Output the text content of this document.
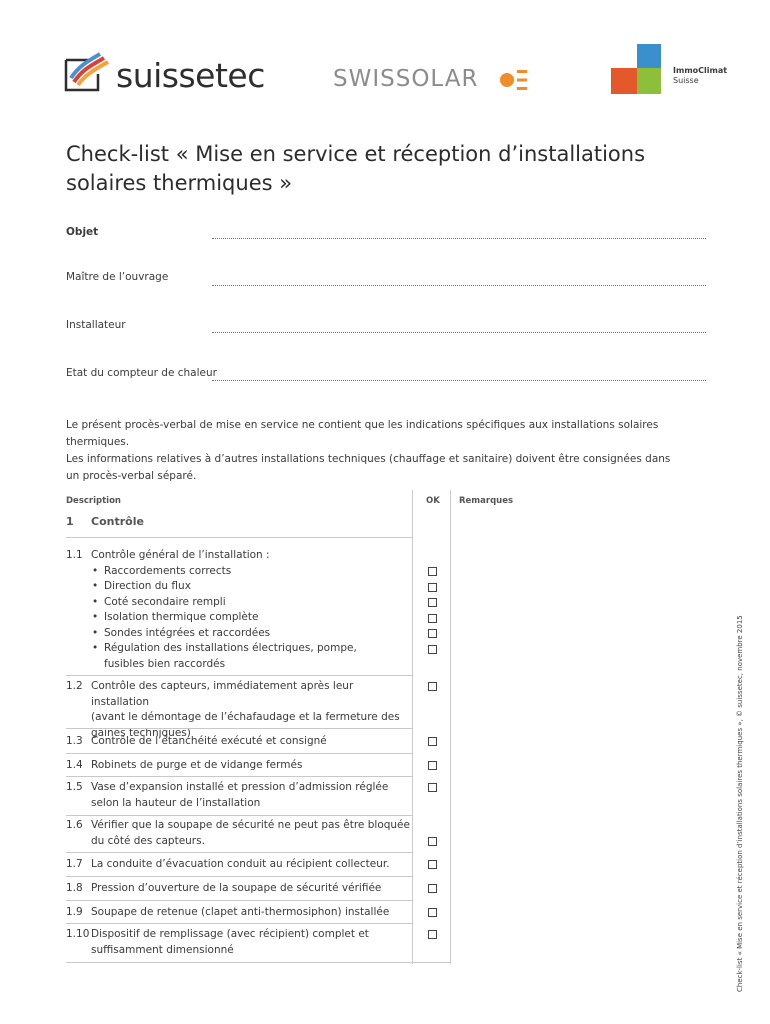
suissetec	SWISSOLAR	ImmoClimat
Suisse
Check-list « Mise en service et réception d’installations
solaires thermiques »
Objet
Maître de l’ouvrage
Installateur
Etat du compteur de chaleur

Le présent procès-verbal de mise en service ne contient que les indications spécifiques aux installations solaires thermiques.

Les informations relatives à d’autres installations techniques (chauffage et sanitaire) doivent être consignées dans

un procès-verbal séparé.

Description	OK Remarques
1 Contrôle
1.1 Contrôle général de l’installation :
• Raccordements corrects
• Direction du flux
• Coté secondaire rempli
• Isolation thermique complète
• Sondes intégrées et raccordées
• Régulation des installations électriques, pompe,
fusibles bien raccordés
1.2 Contrôle des capteurs, immédiatement après leur installation
(avant le démontage de l’échafaudage et la fermeture des
gaines techniques)
1.3 Contrôle de l’étanchéité exécuté et consigné
1.4 Robinets de purge et de vidange fermés
1.5 Vase d’expansion installé et pression d’admission réglée
selon la hauteur de l’installation
1.6 Vérifier que la soupape de sécurité ne peut pas être bloquée
du côté des capteurs.
1.7 La conduite d’évacuation conduit au récipient collecteur.
1.8 Pression d’ouverture de la soupape de sécurité vérifiée
1.9 Soupape de retenue (clapet anti-thermosiphon) installée
1.10 Dispositif de remplissage (avec récipient) complet et
suffisamment dimensionné	Check-list « Mise en service et réception d’installations solaires thermiques », © suissetec, novembre 2015
